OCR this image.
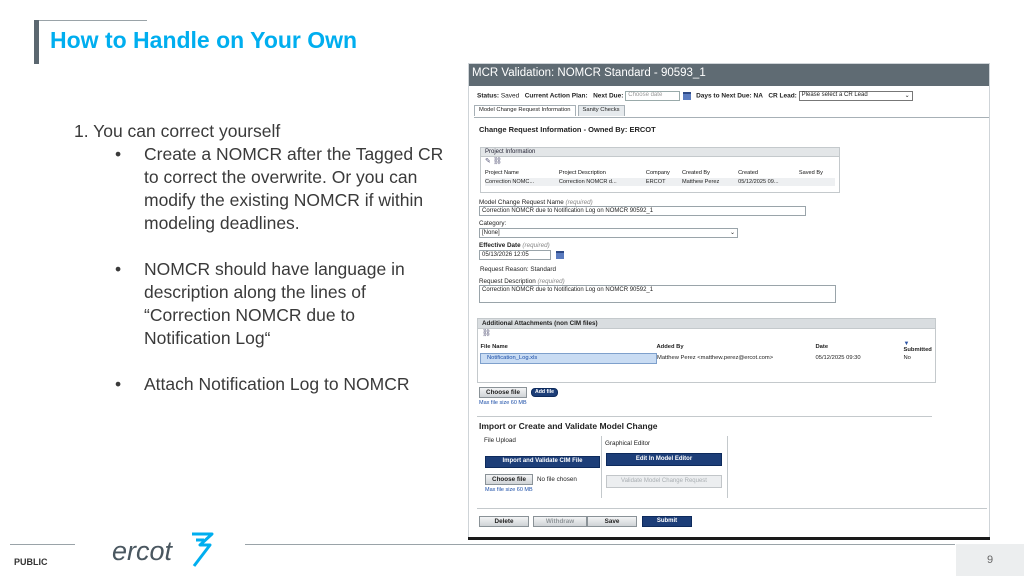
How to Handle on Your Own
1. You can correct yourself
• Create a NOMCR after the Tagged CR to correct the overwrite. Or you can modify the existing NOMCR if within modeling deadlines.
• NOMCR should have language in description along the lines of “Correction NOMCR due to Notification Log“
• Attach Notification Log to NOMCR
MCR Validation: NOMCR Standard - 90593_1
Status: Saved Current Action Plan: Next Due: Choose date	Days to Next Due: NA CR Lead: Please select a CR Lead	⌄
Model Change Request Information	Sanity Checks
Change Request Information - Owned By: ERCOT
Project Information
✎ ⛓
Project Name	Project Description	Company	Created By	Created	Saved By
Correction NOMC...	Correction NOMCR d...	ERCOT	Matthew Perez	05/12/2025 09...	
Model Change Request Name (required)
Correction NOMCR due to Notification Log on NOMCR 90592_1
Category:
[None]	⌄
Effective Date (required)
05/13/2026 12:05
Request Reason: Standard
Request Description (required)
Correction NOMCR due to Notification Log on NOMCR 90592_1
Additional Attachments (non CIM files)
⛓
File Name	Added By	Date	▼
Submitted
Notification_Log.xls	Matthew Perez <matthew.perez@ercot.com>	05/12/2025 09:30	No
Choose file	Add file
Max file size 60 MB
Import or Create and Validate Model Change
File Upload	Graphical Editor
Import and Validate CIM File	Edit In Model Editor
Choose file	No file chosen
Max file size 60 MB
Validate Model Change Request
Delete	Withdraw	Save	Submit
PUBLIC ercot	9
